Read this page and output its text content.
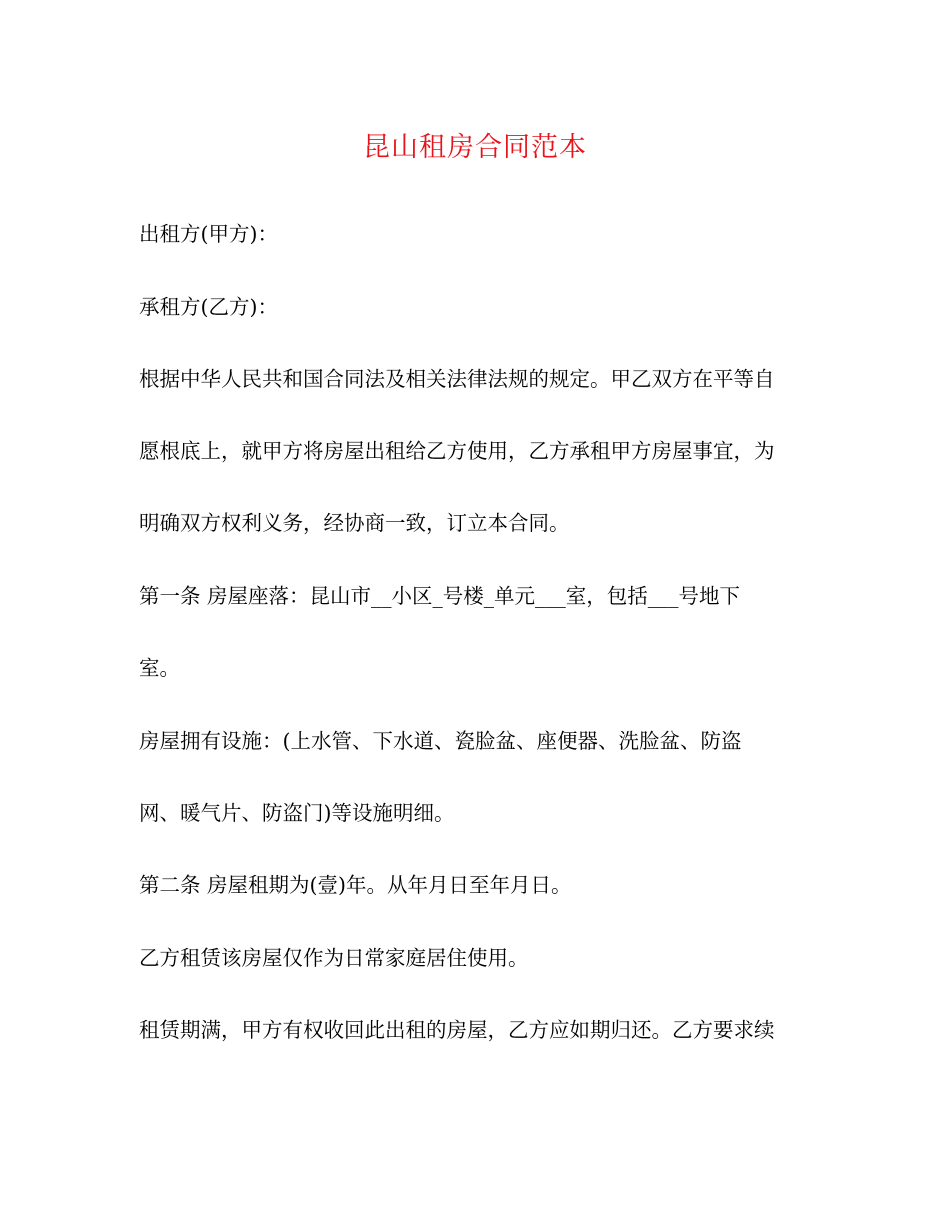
昆山租房合同范本
出租方(甲方)：
承租方(乙方)：
根据中华人民共和国合同法及相关法律法规的规定。甲乙双方在平等自
愿根底上，就甲方将房屋出租给乙方使用，乙方承租甲方房屋事宜，为
明确双方权利义务，经协商一致，订立本合同。
第一条 房屋座落：昆山市__小区_号楼_单元___室，包括___号地下
室。
房屋拥有设施：(上水管、下水道、瓷脸盆、座便器、洗脸盆、防盗
网、暖气片、防盗门)等设施明细。
第二条 房屋租期为(壹)年。从年月日至年月日。
乙方租赁该房屋仅作为日常家庭居住使用。
租赁期满，甲方有权收回此出租的房屋，乙方应如期归还。乙方要求续
